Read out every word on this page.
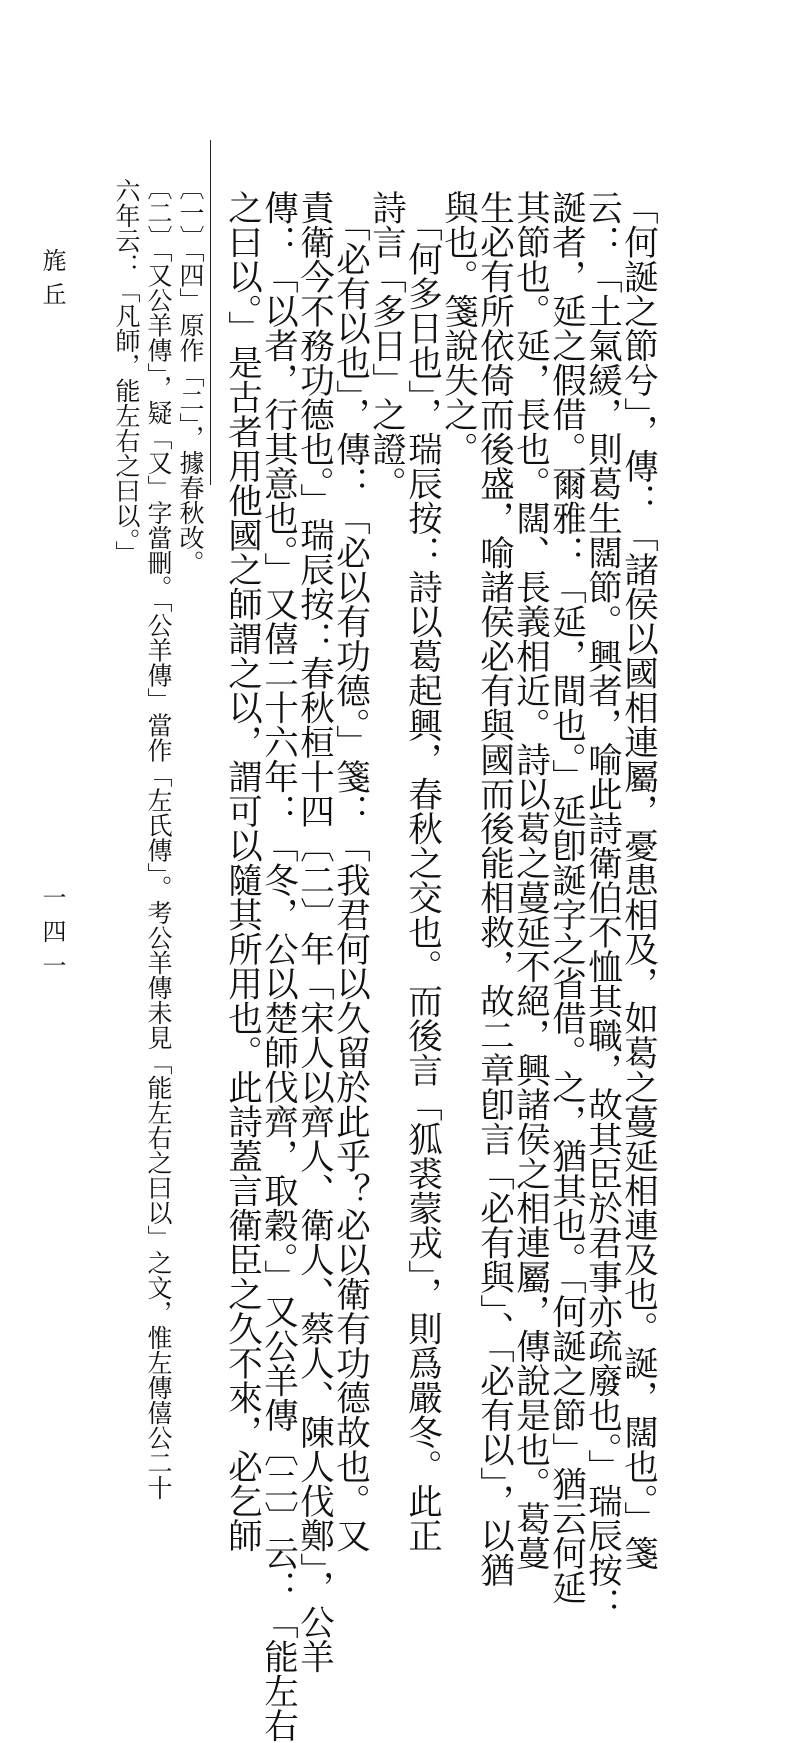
旄丘
一四一	「何誕之節兮」，傳：「諸侯以國相連屬，憂患相及，如葛之蔓延相連及也。誕，闊也。」箋
云：「土氣緩，則葛生闊節。興者，喻此詩衛伯不恤其職，故其臣於君事亦疏廢也。」瑞辰按：
誕者，延之假借。爾雅：「延，間也。」延卽誕字之省借。之，猶其也。「何誕之節」猶云何延
其節也。延，長也。闊、長義相近。詩以葛之蔓延不絕，興諸侯之相連屬，傳說是也。葛蔓
生必有所依倚而後盛，喻諸侯必有與國而後能相救，故二章卽言「必有與」、「必有以」，以猶
與也。箋說失之。
　「何多日也」，瑞辰按：詩以葛起興，春秋之交也。而後言「狐裘蒙戎」，則爲嚴冬。此正
詩言「多日」之證。
　「必有以也」，傳：「必以有功德。」箋：「我君何以久留於此乎？必以衛有功德故也。又
責衛今不務功德也。」瑞辰按：春秋桓十四〔二〕年「宋人以齊人、衛人、蔡人、陳人伐鄭」，公羊
傳：「以者，行其意也。」又僖二十六年：「冬，公以楚師伐齊，取穀。」又公羊傳〔二〕云：「能左右
之曰以。」是古者用他國之師謂之以，謂可以隨其所用也。此詩蓋言衛臣之久不來，必乞師
〔一〕「四」原作「二」，據春秋改。
〔二〕「又公羊傳」，疑「又」字當刪。「公羊傳」當作「左氏傳」。考公羊傳未見「能左右之曰以」之文，惟左傳僖公二十
六年云：「凡師，能左右之曰以。」
